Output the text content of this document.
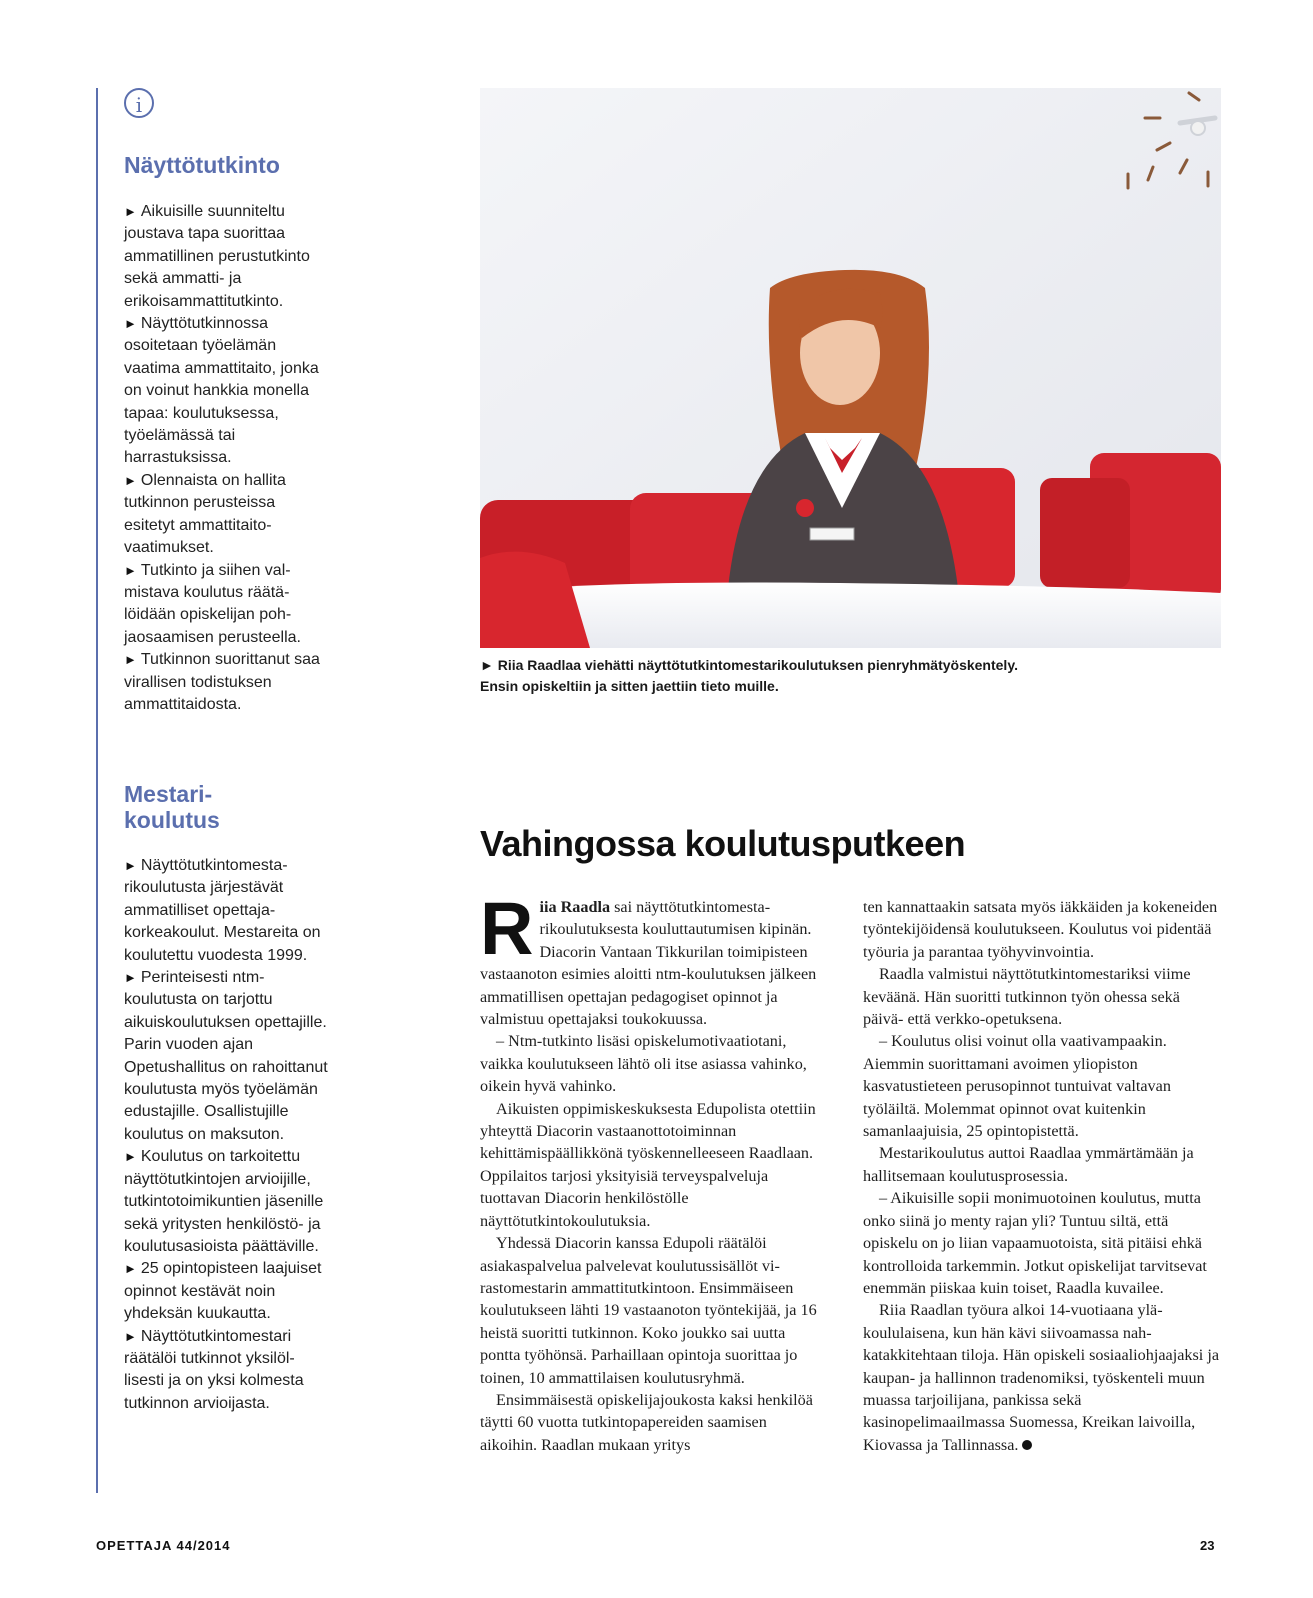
i
Näyttötutkinto
► Aikuisille suunniteltu joustava tapa suorittaa ammatillinen perustutkinto sekä ammatti- ja erikoisammattitutkinto.
► Näyttötutkinnossa osoitetaan työelämän vaatima ammattitaito, jonka on voinut hankkia monella tapaa: koulutuksessa, työelämässä tai harrastuksissa.
► Olennaista on hallita tutkinnon perusteissa esitetyt ammattitaitovaatimukset.
► Tutkinto ja siihen valmistava koulutus räätälöidään opiskelijan pohjaosaamisen perusteella.
► Tutkinnon suorittanut saa virallisen todistuksen ammattitaidosta.
Mestari-
koulutus
► Näyttötutkintomestarikoulutusta järjestävät ammatilliset opettajakorkeakoulut. Mestareita on koulutettu vuodesta 1999.
► Perinteisesti ntm-koulutusta on tarjottu aikuiskoulutuksen opettajille. Parin vuoden ajan Opetushallitus on rahoittanut koulutusta myös työelämän edustajille. Osallistujille koulutus on maksuton.
► Koulutus on tarkoitettu näyttötutkintojen arvioijille, tutkintotoimikuntien jäsenille sekä yritysten henkilöstö- ja koulutusasioista päättäville.
► 25 opintopisteen laajuiset opinnot kestävät noin yhdeksän kuukautta.
► Näyttötutkintomestari räätälöi tutkinnot yksilöllisesti ja on yksi kolmesta tutkinnon arvioijasta.
► Riia Raadlaa viehätti näyttötutkintomestarikoulutuksen pienryhmätyöskentely.
Ensin opiskeltiin ja sitten jaettiin tieto muille.
Vahingossa koulutusputkeen

Riia Raadla sai näyttötutkintomestarikoulutuksesta kouluttautumisen kipinän. Diacorin Vantaan Tikkurilan toimipisteen vastaanoton esimies aloitti ntm-koulutuksen jälkeen ammatillisen opettajan pedagogiset opinnot ja valmistuu opettajaksi toukokuussa.

– Ntm-tutkinto lisäsi opiskelumotivaatiotani, vaikka koulutukseen lähtö oli itse asiassa vahinko, oikein hyvä vahinko.

Aikuisten oppimiskeskuksesta Edupolista otettiin yhteyttä Diacorin vastaanottotoiminnan kehittämispäällikkönä työskennelleeseen Raadlaan. Oppilaitos tarjosi yksityisiä terveyspalveluja tuottavan Diacorin henkilöstölle näyttötutkintokoulutuksia.

Yhdessä Diacorin kanssa Edupoli räätälöi asiakaspalvelua palvelevat koulutussisällöt virastomestarin ammattitutkintoon. Ensimmäiseen koulutukseen lähti 19 vastaanoton työntekijää, ja 16 heistä suoritti tutkinnon. Koko joukko sai uutta pontta työhönsä. Parhaillaan opintoja suorittaa jo toinen, 10 ammattilaisen koulutusryhmä.

Ensimmäisestä opiskelijajoukosta kaksi henkilöä täytti 60 vuotta tutkintopapereiden saamisen aikoihin. Raadlan mukaan yritys

ten kannattaakin satsata myös iäkkäiden ja kokeneiden työntekijöidensä koulutukseen. Koulutus voi pidentää työuria ja parantaa työhyvinvointia.

Raadla valmistui näyttötutkintomestariksi viime keväänä. Hän suoritti tutkinnon työn ohessa sekä päivä- että verkko-opetuksena.

– Koulutus olisi voinut olla vaativampaakin. Aiemmin suorittamani avoimen yliopiston kasvatustieteen perusopinnot tuntuivat valtavan työläiltä. Molemmat opinnot ovat kuitenkin samanlaajuisia, 25 opintopistettä.

Mestarikoulutus auttoi Raadlaa ymmärtämään ja hallitsemaan koulutusprosessia.

– Aikuisille sopii monimuotoinen koulutus, mutta onko siinä jo menty rajan yli? Tuntuu siltä, että opiskelu on jo liian vapaamuotoista, sitä pitäisi ehkä kontrolloida tarkemmin. Jotkut opiskelijat tarvitsevat enemmän piiskaa kuin toiset, Raadla kuvailee.

Riia Raadlan työura alkoi 14-vuotiaana yläkoululaisena, kun hän kävi siivoamassa nahkatakkitehtaan tiloja. Hän opiskeli sosiaaliohjaajaksi ja kaupan- ja hallinnon tradenomiksi, työskenteli muun muassa tarjoilijana, pankissa sekä kasinopelimaailmassa Suomessa, Kreikan laivoilla, Kiovassa ja Tallinnassa.

OPETTAJA 44/2014	23
